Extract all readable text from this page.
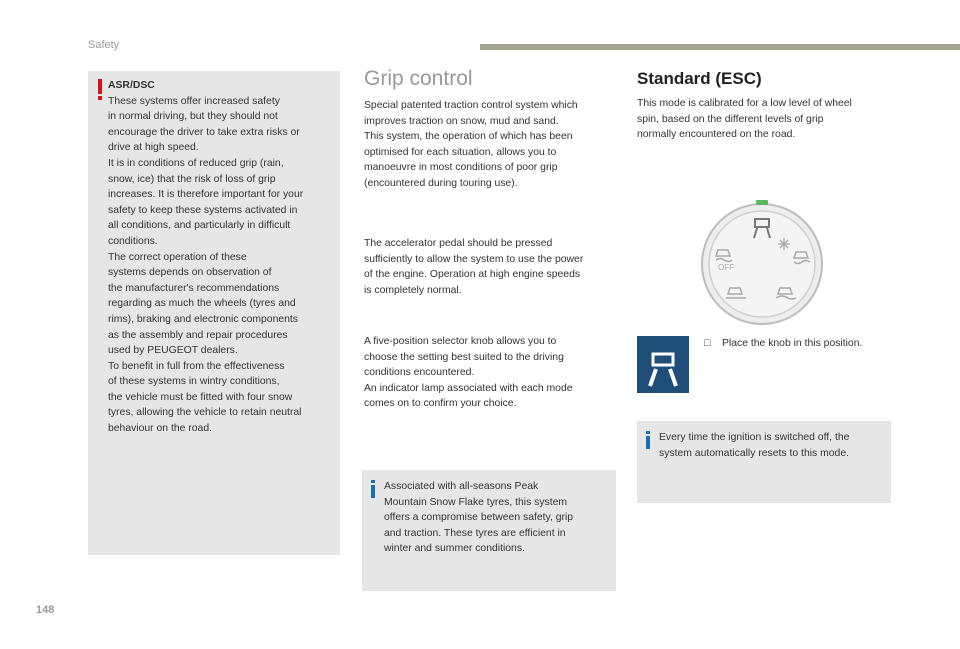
Safety
ASR/DSC
These systems offer increased safety
in normal driving, but they should not
encourage the driver to take extra risks or
drive at high speed.
It is in conditions of reduced grip (rain,
snow, ice) that the risk of loss of grip
increases. It is therefore important for your
safety to keep these systems activated in
all conditions, and particularly in difficult
conditions.
The correct operation of these
systems depends on observation of
the manufacturer's recommendations
regarding as much the wheels (tyres and
rims), braking and electronic components
as the assembly and repair procedures
used by PEUGEOT dealers.
To benefit in full from the effectiveness
of these systems in wintry conditions,
the vehicle must be fitted with four snow
tyres, allowing the vehicle to retain neutral
behaviour on the road.
Grip control

Special patented traction control system which
improves traction on snow, mud and sand.
This system, the operation of which has been
optimised for each situation, allows you to
manoeuvre in most conditions of poor grip
(encountered during touring use).

The accelerator pedal should be pressed
sufficiently to allow the system to use the power
of the engine. Operation at high engine speeds
is completely normal.

A five-position selector knob allows you to
choose the setting best suited to the driving
conditions encountered.
An indicator lamp associated with each mode
comes on to confirm your choice.

Associated with all-seasons Peak
Mountain Snow Flake tyres, this system
offers a compromise between safety, grip
and traction. These tyres are efficient in
winter and summer conditions.
Standard (ESC)
This mode is calibrated for a low level of wheel
spin, based on the different levels of grip
normally encountered on the road.
OFF
□ Place the knob in this position.
Every time the ignition is switched off, the
system automatically resets to this mode.
148
